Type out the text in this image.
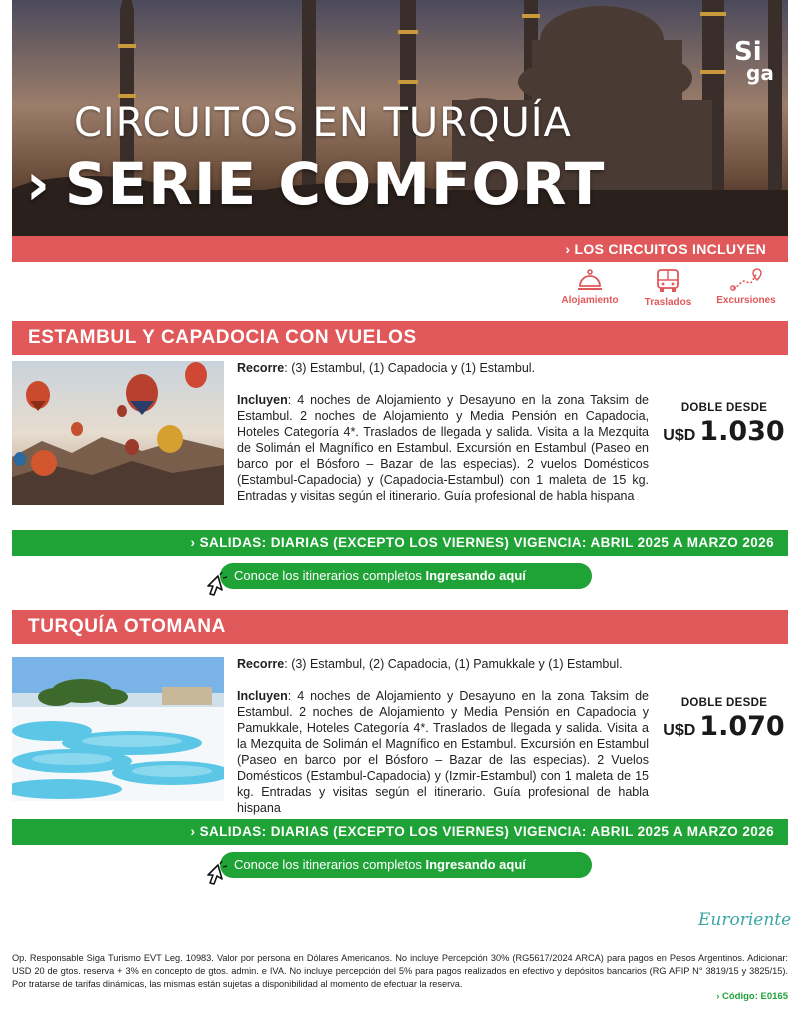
CIRCUITOS EN TURQUÍA
› SERIE COMFORT
Si
ga
› LOS CIRCUITOS INCLUYEN
Alojamiento	Traslados	Excursiones
ESTAMBUL Y CAPADOCIA CON VUELOS

Recorre: (3) Estambul, (1) Capadocia y (1) Estambul.

Incluyen: 4 noches de Alojamiento y Desayuno en la zona Taksim de Estambul. 2 noches de Alojamiento y Media Pensión en Capadocia, Hoteles Categoría 4*. Traslados de llegada y salida. Visita a la Mezquita de Solimán el Magnífico en Estambul. Excursión en Estambul (Paseo en barco por el Bósforo – Bazar de las especias). 2 vuelos Domésticos (Estambul-Capadocia) y (Capadocia-Estambul) con 1 maleta de 15 kg. Entradas y visitas según el itinerario. Guía profesional de habla hispana

DOBLE DESDE
U$D 1.030
› SALIDAS: DIARIAS (EXCEPTO LOS VIERNES) VIGENCIA: ABRIL 2025 A MARZO 2026
Conoce los itinerarios completos Ingresando aquí
TURQUÍA OTOMANA

Recorre: (3) Estambul, (2) Capadocia, (1) Pamukkale y (1) Estambul.

Incluyen: 4 noches de Alojamiento y Desayuno en la zona Taksim de Estambul. 2 noches de Alojamiento y Media Pensión en Capadocia y Pamukkale, Hoteles Categoría 4*. Traslados de llegada y salida. Visita a la Mezquita de Solimán el Magnífico en Estambul. Excursión en Estambul (Paseo en barco por el Bósforo – Bazar de las especias). 2 Vuelos Domésticos (Estambul-Capadocia) y (Izmir-Estambul) con 1 maleta de 15 kg. Entradas y visitas según el itinerario. Guía profesional de habla hispana

DOBLE DESDE
U$D 1.070
› SALIDAS: DIARIAS (EXCEPTO LOS VIERNES) VIGENCIA: ABRIL 2025 A MARZO 2026
Conoce los itinerarios completos Ingresando aquí
Euroriente
Op. Responsable Siga Turismo EVT Leg. 10983. Valor por persona en Dólares Americanos. No incluye Percepción 30% (RG5617/2024 ARCA) para pagos en Pesos Argentinos. Adicionar: USD 20 de gtos. reserva + 3% en concepto de gtos. admin. e IVA. No incluye percepción del 5% para pagos realizados en efectivo y depósitos bancarios (RG AFIP N° 3819/15 y 3825/15). Por tratarse de tarifas dinámicas, las mismas están sujetas a disponibilidad al momento de efectuar la reserva.
› Código: E0165
